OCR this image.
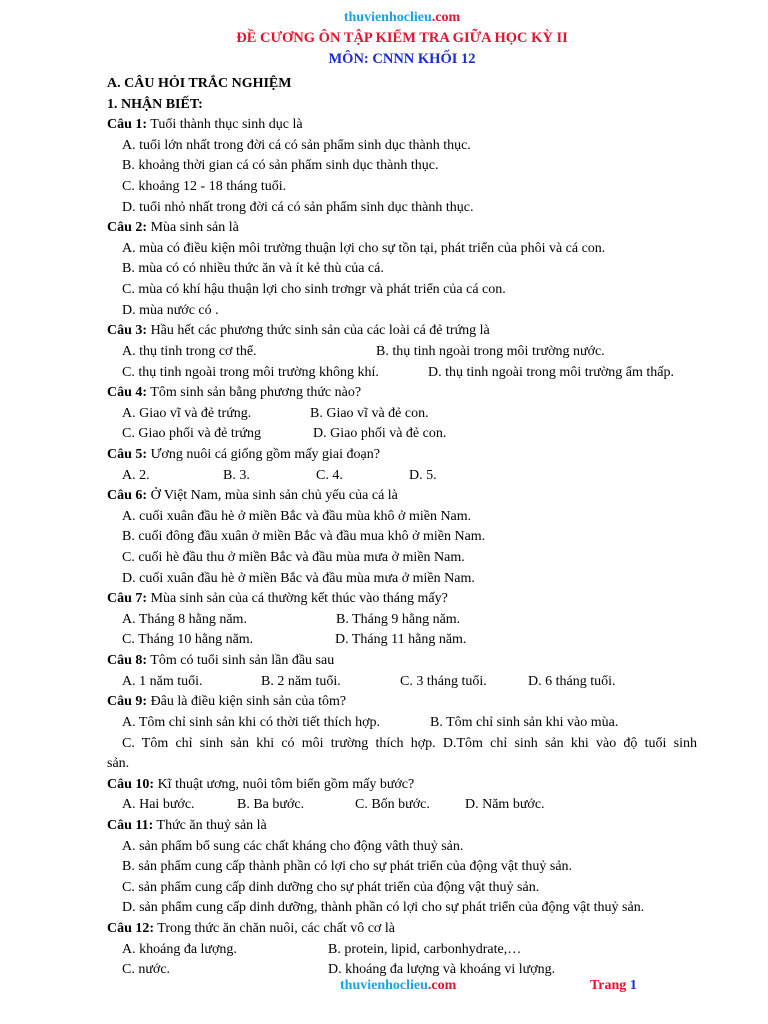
thuvienhoclieu.com
ĐỀ CƯƠNG ÔN TẬP KIỂM TRA GIỮA HỌC KỲ II
MÔN: CNNN KHỐI 12
A. CÂU HỎI TRẮC NGHIỆM
1. NHẬN BIẾT:
Câu 1: Tuổi thành thục sinh dục là
A. tuổi lớn nhất trong đời cá có sản phẩm sinh dục thành thục.
B. khoảng thời gian cá có sản phẩm sinh dục thành thục.
C. khoảng 12 - 18 tháng tuổi.
D. tuổi nhỏ nhất trong đời cá có sản phẩm sinh dục thành thục.
Câu 2: Mùa sinh sản là
A. mùa có điều kiện môi trường thuận lợi cho sự tồn tại, phát triển của phôi và cá con.
B. mùa có có nhiều thức ăn và ít kẻ thù của cá.
C. mùa có khí hậu thuận lợi cho sinh trơngr và phát triển của cá con.
D. mùa nước có .
Câu 3: Hầu hết các phương thức sinh sản của các loài cá đẻ trứng là
A. thụ tinh trong cơ thể.	B. thụ tinh ngoài trong môi trường nước.
C. thụ tinh ngoài trong môi trường không khí.	D. thụ tinh ngoài trong môi trường ẩm thấp.
Câu 4: Tôm sinh sản bằng phương thức nào?
A. Giao vĩ và đẻ trứng.	B. Giao vĩ và đẻ con.
C. Giao phối và đẻ trứng	D. Giao phối và đẻ con.
Câu 5: Ương nuôi cá giống gồm mấy giai đoạn?
A. 2.	B. 3.	C. 4.	D. 5.
Câu 6: Ở Việt Nam, mùa sinh sản chủ yếu của cá là
A. cuối xuân đầu hè ở miền Bắc và đầu mùa khô ở miền Nam.
B. cuối đông đầu xuân ở miền Bắc và đầu mua khô ở miền Nam.
C. cuối hè đầu thu ở miền Bắc và đầu mùa mưa ở miền Nam.
D. cuối xuân đầu hè ở miền Bắc và đầu mùa mưa ở miền Nam.
Câu 7: Mùa sinh sản của cá thường kết thúc vào tháng mấy?
A. Tháng 8 hằng năm.	B. Tháng 9 hằng năm.
C. Tháng 10 hằng năm.	D. Tháng 11 hằng năm.
Câu 8: Tôm có tuổi sinh sản lần đầu sau
A. 1 năm tuổi.	B. 2 năm tuổi.	C. 3 tháng tuổi.	D. 6 tháng tuổi.
Câu 9: Đâu là điều kiện sinh sản của tôm?
A. Tôm chỉ sinh sản khi có thời tiết thích hợp.	B. Tôm chỉ sinh sản khi vào mùa.
C. Tôm chỉ sinh sản khi có môi trường thích hợp. D.Tôm chỉ sinh sản khi vào độ tuổi sinh
sản.
Câu 10: Kĩ thuật ương, nuôi tôm biển gồm mấy bước?
A. Hai bước.	B. Ba bước.	C. Bốn bước.	D. Năm bước.
Câu 11: Thức ăn thuỷ sản là
A. sản phẩm bổ sung các chất kháng cho động vâth thuỷ sản.
B. sản phẩm cung cấp thành phần có lợi cho sự phát triển của động vật thuỷ sản.
C. sản phẩm cung cấp dinh dưỡng cho sự phát triển của động vật thuỷ sản.
D. sản phẩm cung cấp dinh dưỡng, thành phần có lợi cho sự phát triển của động vật thuỷ sản.
Câu 12: Trong thức ăn chăn nuôi, các chất vô cơ là
A. khoáng đa lượng.	B. protein, lipid, carbonhydrate,…
C. nước.	D. khoáng đa lượng và khoáng vi lượng.
thuvienhoclieu.com	Trang 1
